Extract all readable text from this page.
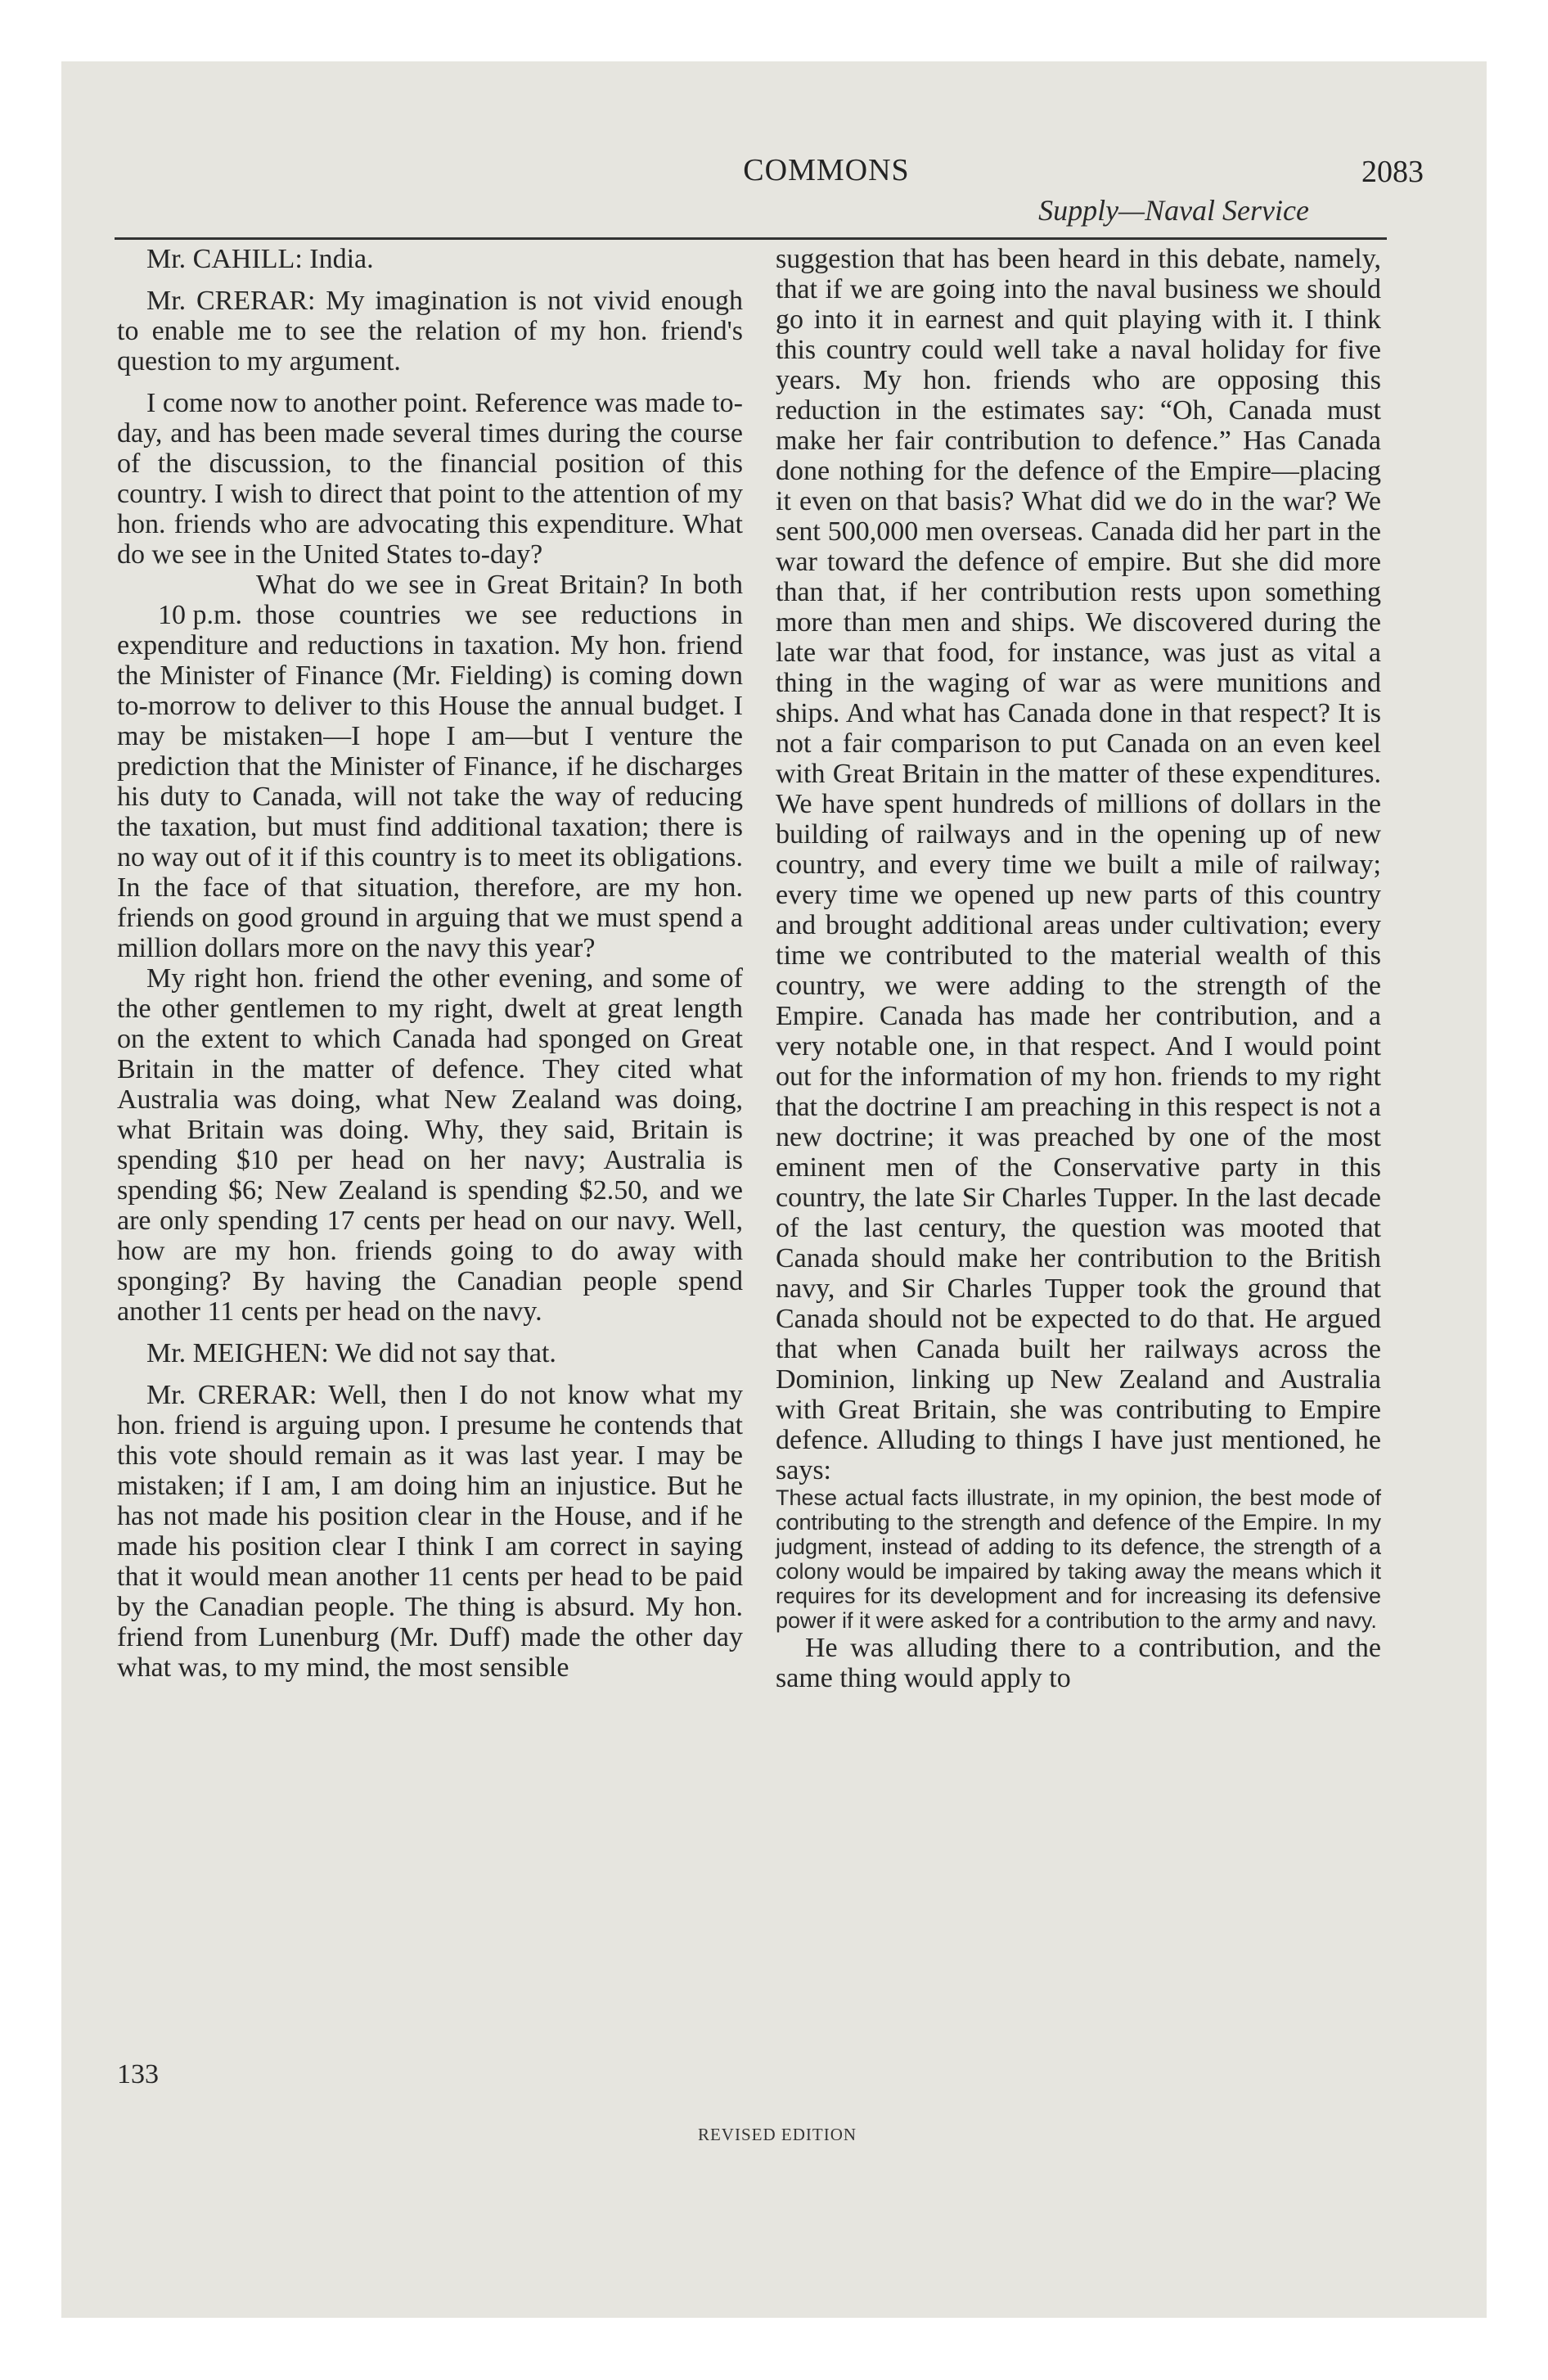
COMMONS	2083
Supply—Naval Service

Mr. CAHILL: India.

Mr. CRERAR: My imagination is not vivid enough to enable me to see the relation of my hon. friend's question to my argument.

I come now to another point. Reference was made to-day, and has been made several times during the course of the discussion, to the financial position of this country. I wish to direct that point to the attention of my hon. friends who are advocating this expenditure. What do we see in the United States to-day?

10 p.m.
What do we see in Great Britain? In both those countries we see reductions in expenditure and reductions in taxation. My hon. friend the Minister of Finance (Mr. Fielding) is coming down to-morrow to deliver to this House the annual budget. I may be mistaken—I hope I am—but I venture the prediction that the Minister of Finance, if he discharges his duty to Canada, will not take the way of reducing the taxation, but must find additional taxation; there is no way out of it if this country is to meet its obligations. In the face of that situation, therefore, are my hon. friends on good ground in arguing that we must spend a million dollars more on the navy this year?

My right hon. friend the other evening, and some of the other gentlemen to my right, dwelt at great length on the extent to which Canada had sponged on Great Britain in the matter of defence. They cited what Australia was doing, what New Zealand was doing, what Britain was doing. Why, they said, Britain is spending $10 per head on her navy; Australia is spending $6; New Zealand is spending $2.50, and we are only spending 17 cents per head on our navy. Well, how are my hon. friends going to do away with sponging? By having the Canadian people spend another 11 cents per head on the navy.

Mr. MEIGHEN: We did not say that.

Mr. CRERAR: Well, then I do not know what my hon. friend is arguing upon. I presume he contends that this vote should remain as it was last year. I may be mistaken; if I am, I am doing him an injustice. But he has not made his position clear in the House, and if he made his position clear I think I am correct in saying that it would mean another 11 cents per head to be paid by the Canadian people. The thing is absurd. My hon. friend from Lunenburg (Mr. Duff) made the other day what was, to my mind, the most sensible

suggestion that has been heard in this debate, namely, that if we are going into the naval business we should go into it in earnest and quit playing with it. I think this country could well take a naval holiday for five years. My hon. friends who are opposing this reduction in the estimates say: “Oh, Canada must make her fair contribution to defence.” Has Canada done nothing for the defence of the Empire—placing it even on that basis? What did we do in the war? We sent 500,000 men overseas. Canada did her part in the war toward the defence of empire. But she did more than that, if her contribution rests upon something more than men and ships. We discovered during the late war that food, for instance, was just as vital a thing in the waging of war as were munitions and ships. And what has Canada done in that respect? It is not a fair comparison to put Canada on an even keel with Great Britain in the matter of these expenditures. We have spent hundreds of millions of dollars in the building of railways and in the opening up of new country, and every time we built a mile of railway; every time we opened up new parts of this country and brought additional areas under cultivation; every time we contributed to the material wealth of this country, we were adding to the strength of the Empire. Canada has made her contribution, and a very notable one, in that respect. And I would point out for the information of my hon. friends to my right that the doctrine I am preaching in this respect is not a new doctrine; it was preached by one of the most eminent men of the Conservative party in this country, the late Sir Charles Tupper. In the last decade of the last century, the question was mooted that Canada should make her contribution to the British navy, and Sir Charles Tupper took the ground that Canada should not be expected to do that. He argued that when Canada built her railways across the Dominion, linking up New Zealand and Australia with Great Britain, she was contributing to Empire defence. Alluding to things I have just mentioned, he says:

These actual facts illustrate, in my opinion, the best mode of contributing to the strength and defence of the Empire. In my judgment, instead of adding to its defence, the strength of a colony would be impaired by taking away the means which it requires for its development and for increasing its defensive power if it were asked for a contribution to the army and navy.

He was alluding there to a contribution, and the same thing would apply to

133
REVISED EDITION
